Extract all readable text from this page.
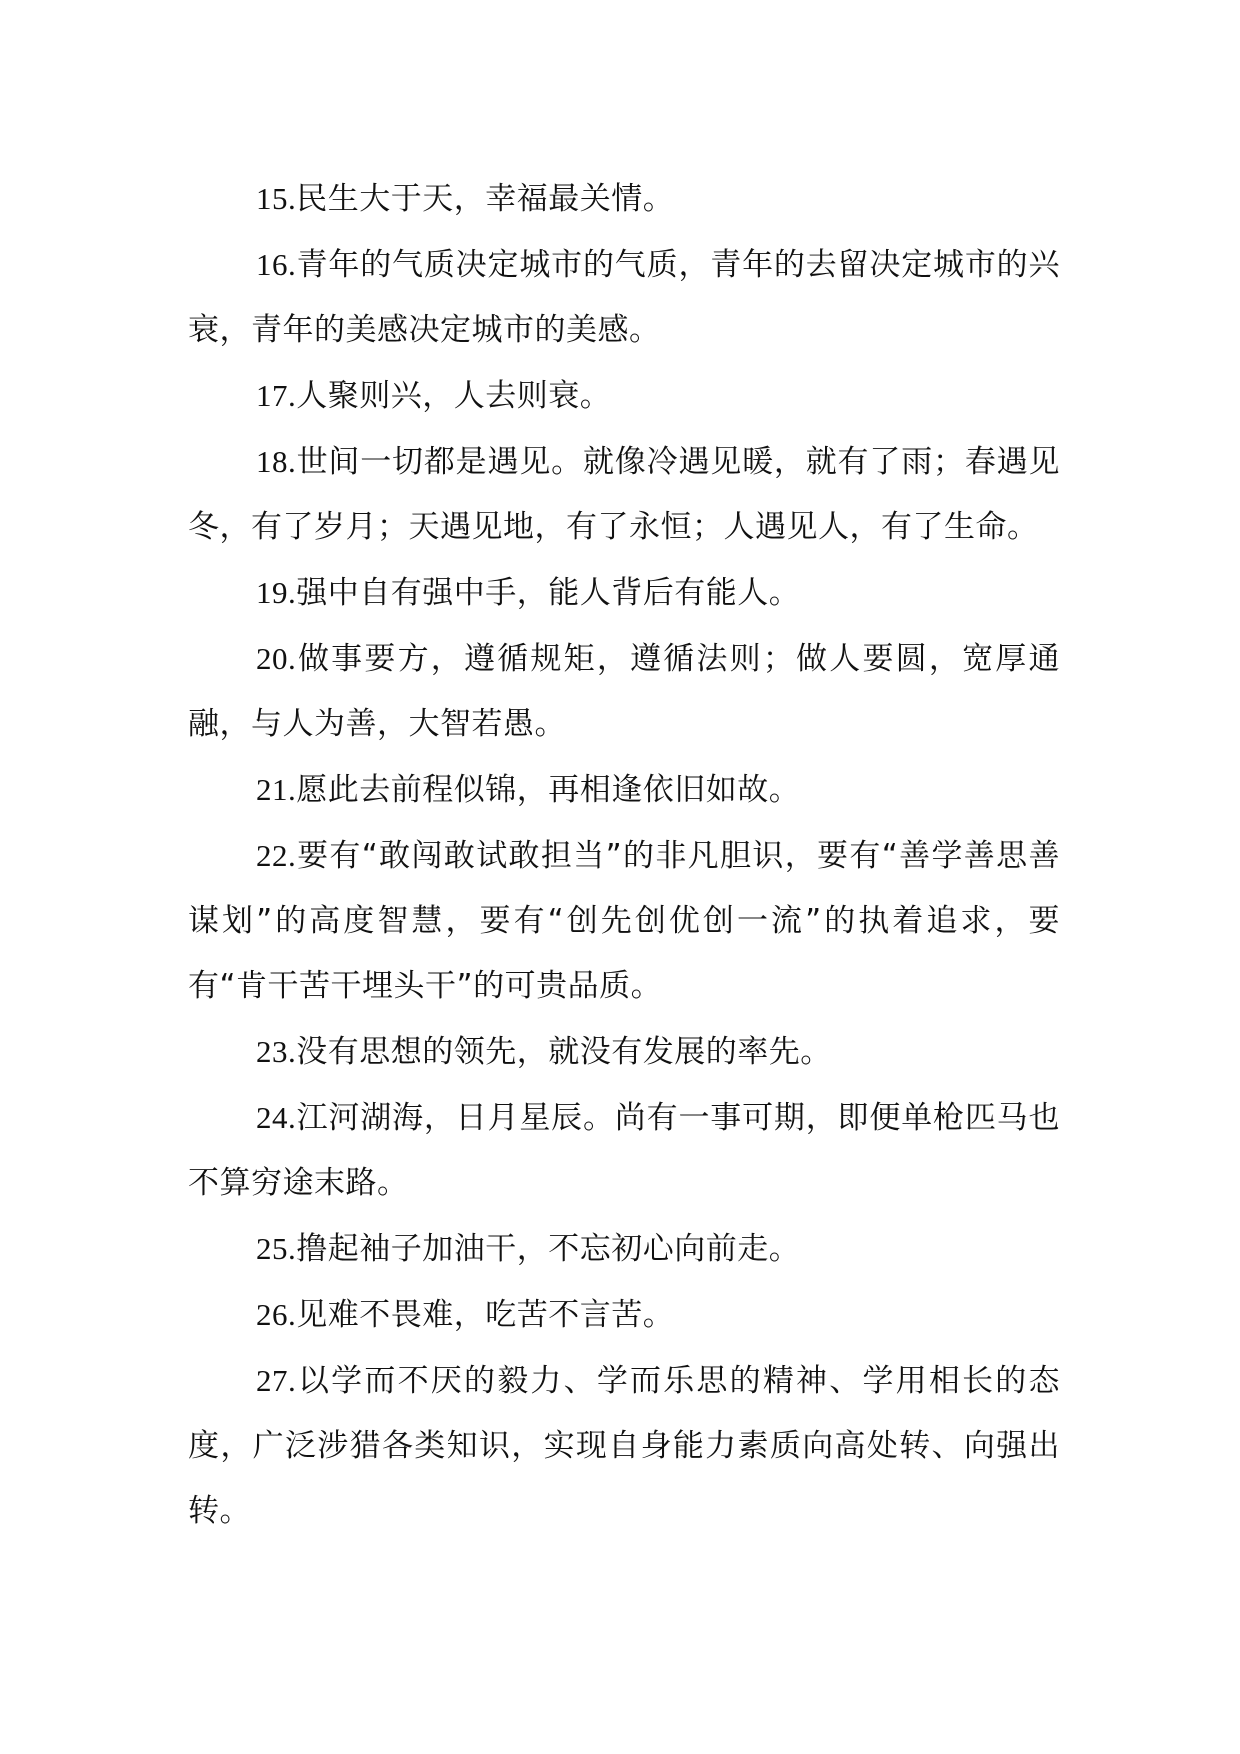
15.民生大于天，幸福最关情。

16.青年的气质决定城市的气质，青年的去留决定城市的兴衰，青年的美感决定城市的美感。

17.人聚则兴，人去则衰。

18.世间一切都是遇见。就像冷遇见暖，就有了雨；春遇见冬，有了岁月；天遇见地，有了永恒；人遇见人，有了生命。

19.强中自有强中手，能人背后有能人。

20.做事要方，遵循规矩，遵循法则；做人要圆，宽厚通融，与人为善，大智若愚。

21.愿此去前程似锦，再相逢依旧如故。

22.要有“敢闯敢试敢担当”的非凡胆识，要有“善学善思善谋划”的高度智慧，要有“创先创优创一流”的执着追求，要有“肯干苦干埋头干”的可贵品质。

23.没有思想的领先，就没有发展的率先。

24.江河湖海，日月星辰。尚有一事可期，即便单枪匹马也不算穷途末路。

25.撸起袖子加油干，不忘初心向前走。

26.见难不畏难，吃苦不言苦。

27.以学而不厌的毅力、学而乐思的精神、学用相长的态度，广泛涉猎各类知识，实现自身能力素质向高处转、向强出转。
